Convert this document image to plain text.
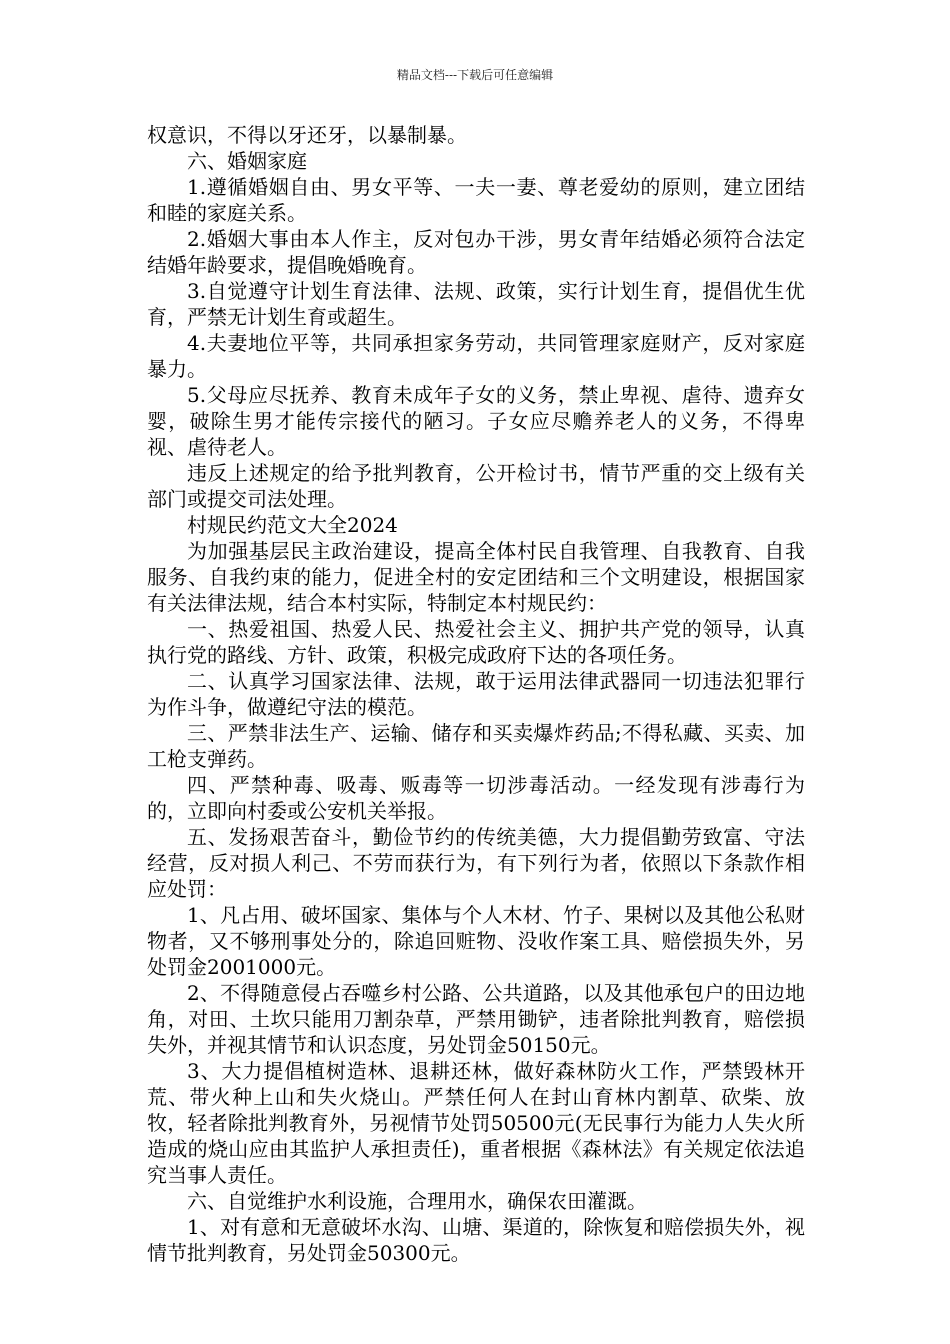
精品文档---下载后可任意编辑

权意识，不得以牙还牙，以暴制暴。

六、婚姻家庭

1.遵循婚姻自由、男女平等、一夫一妻、尊老爱幼的原则，建立团结和睦的家庭关系。

2.婚姻大事由本人作主，反对包办干涉，男女青年结婚必须符合法定结婚年龄要求，提倡晚婚晚育。

3.自觉遵守计划生育法律、法规、政策，实行计划生育，提倡优生优育，严禁无计划生育或超生。

4.夫妻地位平等，共同承担家务劳动，共同管理家庭财产，反对家庭暴力。

5.父母应尽抚养、教育未成年子女的义务，禁止卑视、虐待、遗弃女婴，破除生男才能传宗接代的陋习。子女应尽赡养老人的义务，不得卑视、虐待老人。

违反上述规定的给予批判教育，公开检讨书，情节严重的交上级有关部门或提交司法处理。

村规民约范文大全2024

为加强基层民主政治建设，提高全体村民自我管理、自我教育、自我服务、自我约束的能力，促进全村的安定团结和三个文明建设，根据国家有关法律法规，结合本村实际，特制定本村规民约：

一、热爱祖国、热爱人民、热爱社会主义、拥护共产党的领导，认真执行党的路线、方针、政策，积极完成政府下达的各项任务。

二、认真学习国家法律、法规，敢于运用法律武器同一切违法犯罪行为作斗争，做遵纪守法的模范。

三、严禁非法生产、运输、储存和买卖爆炸药品;不得私藏、买卖、加工枪支弹药。

四、严禁种毒、吸毒、贩毒等一切涉毒活动。一经发现有涉毒行为的，立即向村委或公安机关举报。

五、发扬艰苦奋斗，勤俭节约的传统美德，大力提倡勤劳致富、守法经营，反对损人利己、不劳而获行为，有下列行为者，依照以下条款作相应处罚：

1、凡占用、破坏国家、集体与个人木材、竹子、果树以及其他公私财物者，又不够刑事处分的，除追回赃物、没收作案工具、赔偿损失外，另处罚金2001000元。

2、不得随意侵占吞噬乡村公路、公共道路，以及其他承包户的田边地角，对田、土坎只能用刀割杂草，严禁用锄铲，违者除批判教育，赔偿损失外，并视其情节和认识态度，另处罚金50150元。

3、大力提倡植树造林、退耕还林，做好森林防火工作，严禁毁林开荒、带火种上山和失火烧山。严禁任何人在封山育林内割草、砍柴、放牧，轻者除批判教育外，另视情节处罚50500元(无民事行为能力人失火所造成的烧山应由其监护人承担责任)，重者根据《森林法》有关规定依法追究当事人责任。

六、自觉维护水利设施，合理用水，确保农田灌溉。

1、对有意和无意破坏水沟、山塘、渠道的，除恢复和赔偿损失外，视情节批判教育，另处罚金50300元。
